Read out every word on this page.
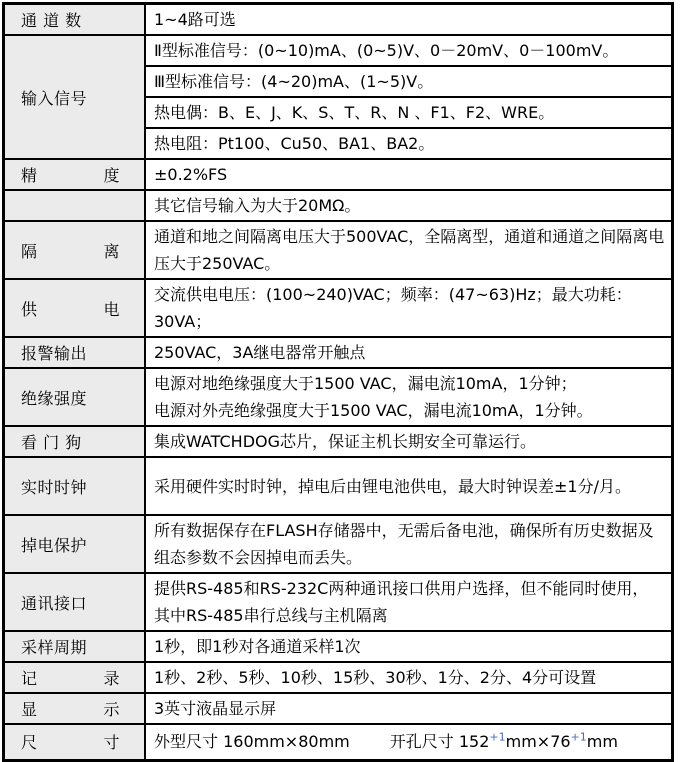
通 道 数	1~4路可选
输入信号	Ⅱ型标准信号：(0~10)mA、(0~5)V、0－20mV、0－100mV。
	Ⅲ型标准信号：(4~20)mA、(1~5)V。
	热电偶：B、E、J、K、S、T、R、N 、F1、F2、WRE。
	热电阻：Pt100、Cu50、BA1、BA2。
精　　　　度	±0.2%FS
	其它信号输入为大于20MΩ。
隔　　　　离	通道和地之间隔离电压大于500VAC，全隔离型，通道和通道之间隔离电压大于250VAC。
供　　　　电	交流供电电压：(100~240)VAC；频率：(47~63)Hz；最大功耗：30VA；
报警输出	250VAC，3A继电器常开触点
绝缘强度	电源对地绝缘强度大于1500 VAC，漏电流10mA，1分钟；
电源对外壳绝缘强度大于1500 VAC，漏电流10mA，1分钟。

看 门 狗	集成WATCHDOG芯片，保证主机长期安全可靠运行。
实时时钟	采用硬件实时时钟，掉电后由锂电池供电，最大时钟误差±1分/月。
掉电保护	所有数据保存在FLASH存储器中，无需后备电池，确保所有历史数据及组态参数不会因掉电而丢失。
通讯接口	提供RS-485和RS-232C两种通讯接口供用户选择，但不能同时使用，
其中RS-485串行总线与主机隔离

采样周期	1秒，即1秒对各通道采样1次
记　　　　录	1秒、2秒、5秒、10秒、15秒、30秒、1分、2分、4分可设置
显　　　　示	3英寸液晶显示屏
尺　　　　寸	外型尺寸 160mm×80mm 开孔尺寸 $152^{+1}mm\times 76^{+1}mm$
